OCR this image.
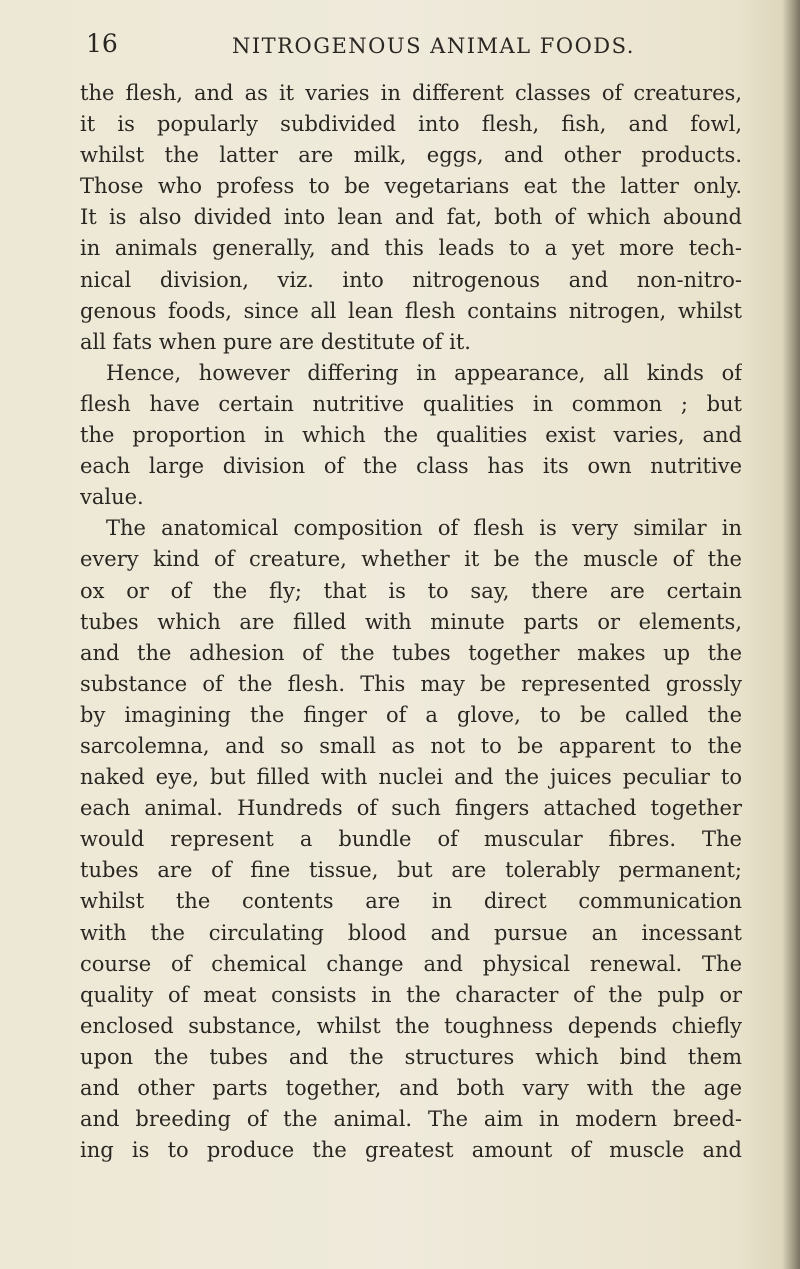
16	NITROGENOUS ANIMAL FOODS.
the flesh, and as it varies in different classes of creatures,
it is popularly subdivided into flesh, fish, and fowl,
whilst the latter are milk, eggs, and other products.
Those who profess to be vegetarians eat the latter only.
It is also divided into lean and fat, both of which abound
in animals generally, and this leads to a yet more tech-
nical division, viz. into nitrogenous and non-nitro-
genous foods, since all lean flesh contains nitrogen, whilst
all fats when pure are destitute of it.
Hence, however differing in appearance, all kinds of
flesh have certain nutritive qualities in common ; but
the proportion in which the qualities exist varies, and
each large division of the class has its own nutritive
value.
The anatomical composition of flesh is very similar in
every kind of creature, whether it be the muscle of the
ox or of the fly; that is to say, there are certain
tubes which are filled with minute parts or elements,
and the adhesion of the tubes together makes up the
substance of the flesh. This may be represented grossly
by imagining the finger of a glove, to be called the
sarcolemna, and so small as not to be apparent to the
naked eye, but filled with nuclei and the juices peculiar to
each animal. Hundreds of such fingers attached together
would represent a bundle of muscular fibres. The
tubes are of fine tissue, but are tolerably permanent;
whilst the contents are in direct communication
with the circulating blood and pursue an incessant
course of chemical change and physical renewal. The
quality of meat consists in the character of the pulp or
enclosed substance, whilst the toughness depends chiefly
upon the tubes and the structures which bind them
and other parts together, and both vary with the age
and breeding of the animal. The aim in modern breed-
ing is to produce the greatest amount of muscle and
